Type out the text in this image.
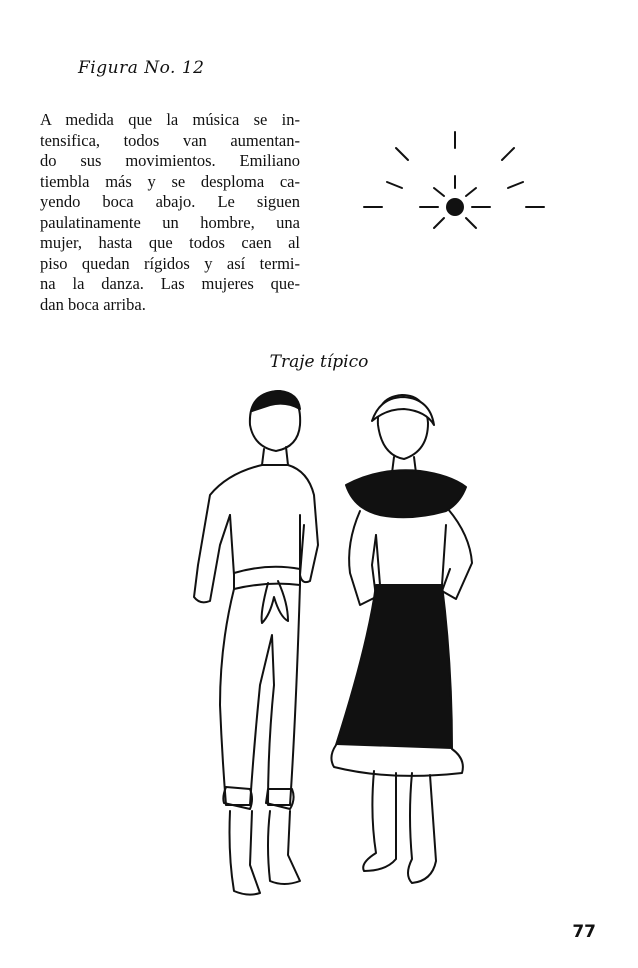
Figura No. 12

A medida que la música se in-
tensifica, todos van aumentan-
do sus movimientos. Emiliano
tiembla más y se desploma ca-
yendo boca abajo. Le siguen
paulatinamente un hombre, una
mujer, hasta que todos caen al
piso quedan rígidos y así termi-
na la danza. Las mujeres que-
dan boca arriba.

Traje típico
77
